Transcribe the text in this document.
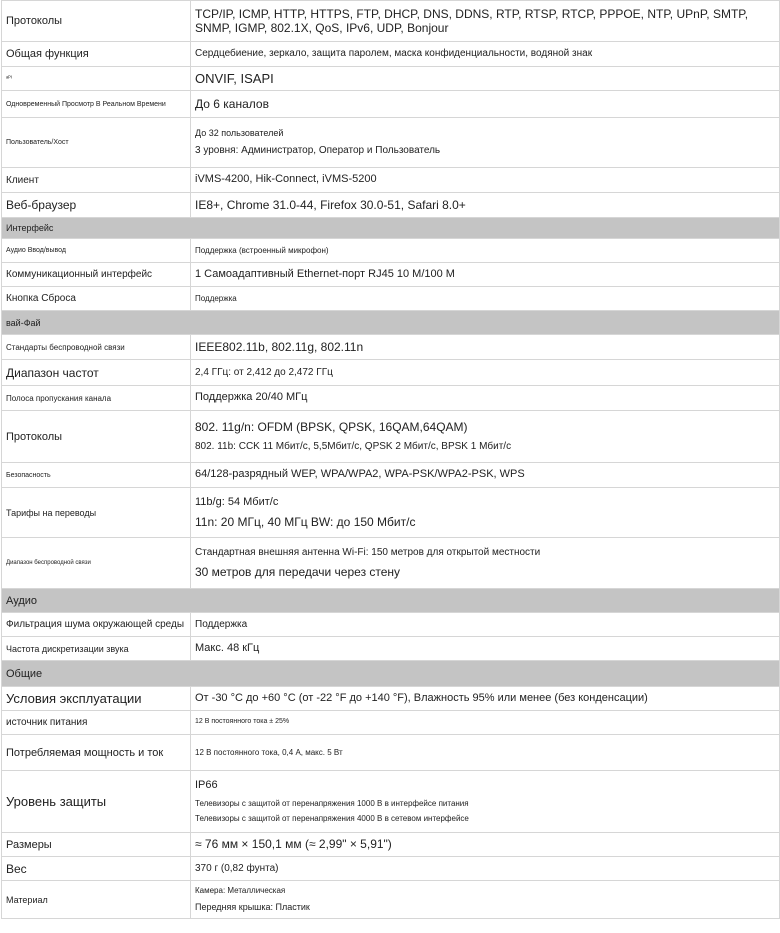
Протоколы	TCP/IP, ICMP, HTTP, HTTPS, FTP, DHCP, DNS, DDNS, RTP, RTSP, RTCP, PPPOE, NTP, UPnP, SMTP, SNMP, IGMP, 802.1X, QoS, IPv6, UDP, Bonjour

Общая функция	Сердцебиение, зеркало, защита паролем, маска конфиденциальности, водяной знак

ᵃᴾᴵ	ONVIF, ISAPI

Одновременный Просмотр В Реальном Времени	До 6 каналов

Пользователь/Хост	До 32 пользователей
3 уровня: Администратор, Оператор и Пользователь

Клиент	iVMS-4200, Hik-Connect, iVMS-5200

Веб-браузер	IE8+, Chrome 31.0-44, Firefox 30.0-51, Safari 8.0+

Интерфейс	
Аудио Ввод/вывод	Поддержка (встроенный микрофон)

Коммуникационный интерфейс	1 Самоадаптивный Ethernet-порт RJ45 10 M/100 M

Кнопка Сброса	Поддержка

вай-Фай	
Стандарты беспроводной связи	IEEE802.11b, 802.11g, 802.11n

Диапазон частот	2,4 ГГц: от 2,412 до 2,472 ГГц

Полоса пропускания канала	Поддержка 20/40 МГц

Протоколы	802. 11g/n: OFDM (BPSK, QPSK, 16QAM,64QAM)
802. 11b: CCK 11 Мбит/с, 5,5Мбит/с, QPSK 2 Мбит/с, BPSK 1 Мбит/с

Безопасность	64/128-разрядный WEP, WPA/WPA2, WPA-PSK/WPA2-PSK, WPS

Тарифы на переводы	11b/g: 54 Мбит/с
11n: 20 МГц, 40 МГц BW: до 150 Мбит/с

Диапазон беспроводной связи	Стандартная внешняя антенна Wi-Fi: 150 метров для открытой местности
30 метров для передачи через стену

Аудио	
Фильтрация шума окружающей среды	Поддержка

Частота дискретизации звука	Макс. 48 кГц

Общие	
Условия эксплуатации	От -30 °C до +60 °C (от -22 °F до +140 °F), Влажность 95% или менее (без конденсации)

источник питания	12 В постоянного тока ± 25%

Потребляемая мощность и ток	12 В постоянного тока, 0,4 А, макс. 5 Вт

Уровень защиты	IP66
Телевизоры с защитой от перенапряжения 1000 В в интерфейсе питания
Телевизоры с защитой от перенапряжения 4000 В в сетевом интерфейсе

Размеры	≈ 76 мм × 150,1 мм (≈ 2,99" × 5,91")

Вес	370 г (0,82 фунта)

Материал	Камера: Металлическая
Передняя крышка: Пластик
